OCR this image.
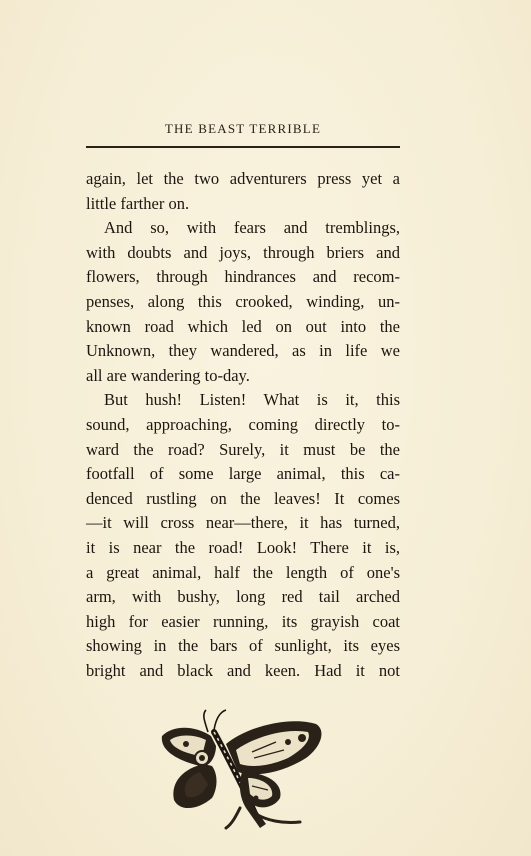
THE BEAST TERRIBLE
again, let the two adventurers press yet a
little farther on.
And so, with fears and tremblings,
with doubts and joys, through briers and
flowers, through hindrances and recom-
penses, along this crooked, winding, un-
known road which led on out into the
Unknown, they wandered, as in life we
all are wandering to-day.
But hush! Listen! What is it, this
sound, approaching, coming directly to-
ward the road? Surely, it must be the
footfall of some large animal, this ca-
denced rustling on the leaves! It comes
—it will cross near—there, it has turned,
it is near the road! Look! There it is,
a great animal, half the length of one's
arm, with bushy, long red tail arched
high for easier running, its grayish coat
showing in the bars of sunlight, its eyes
bright and black and keen. Had it not
